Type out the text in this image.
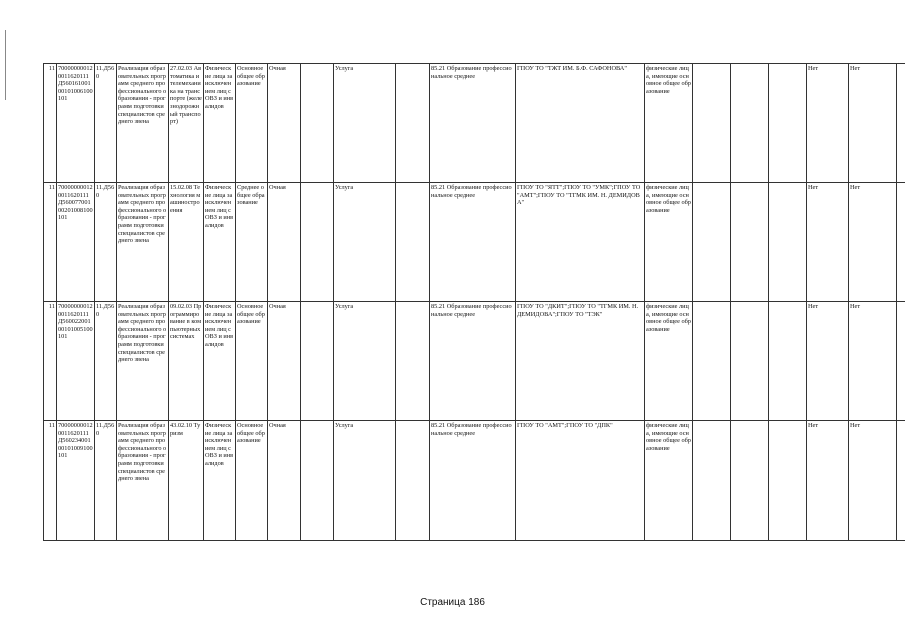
11	700000000120011620111Д56016100100101006100101	11.Д56 0	Реализация образовательных программ среднего профессионального образования - программ подготовки специалистов среднего звена	27.02.03 Автоматика и телемеханика на транспорте (железнодорожный транспорт)	Физические лица за исключением лиц с ОВЗ и инвалидов	Основное общее образование	Очная		Услуга		85.21 Образование профессиональное среднее	ГПОУ ТО "ТЖТ ИМ. Б.Ф. САФОНОВА"	физические лица, имеющие основное общее образование				Нет	Нет	
11	700000000120011620111Д56007700100201008100101	11.Д56 0	Реализация образовательных программ среднего профессионального образования - программ подготовки специалистов среднего звена	15.02.08 Технология машиностроения	Физические лица за исключением лиц с ОВЗ и инвалидов	Среднее общее образование	Очная		Услуга		85.21 Образование профессиональное среднее	ГПОУ ТО "ЯТТ";ГПОУ ТО "УМК";ГПОУ ТО "АМТ";ГПОУ ТО "ТГМК ИМ. Н. ДЕМИДОВА"	физические лица, имеющие основное общее образование				Нет	Нет	
11	700000000120011620111Д56002200100101005100101	11.Д56 0	Реализация образовательных программ среднего профессионального образования - программ подготовки специалистов среднего звена	09.02.03 Программирование в компьютерных системах	Физические лица за исключением лиц с ОВЗ и инвалидов	Основное общее образование	Очная		Услуга		85.21 Образование профессиональное среднее	ГПОУ ТО "ДКИТ";ГПОУ ТО "ТГМК ИМ. Н. ДЕМИДОВА";ГПОУ ТО "ТЭК"	физические лица, имеющие основное общее образование				Нет	Нет	
11	700000000120011620111Д56023400100101009100101	11.Д56 0	Реализация образовательных программ среднего профессионального образования - программ подготовки специалистов среднего звена	43.02.10 Туризм	Физические лица за исключением лиц с ОВЗ и инвалидов	Основное общее образование	Очная		Услуга		85.21 Образование профессиональное среднее	ГПОУ ТО "АМТ";ГПОУ ТО "ДПК"	физические лица, имеющие основное общее образование				Нет	Нет	
Страница 186
